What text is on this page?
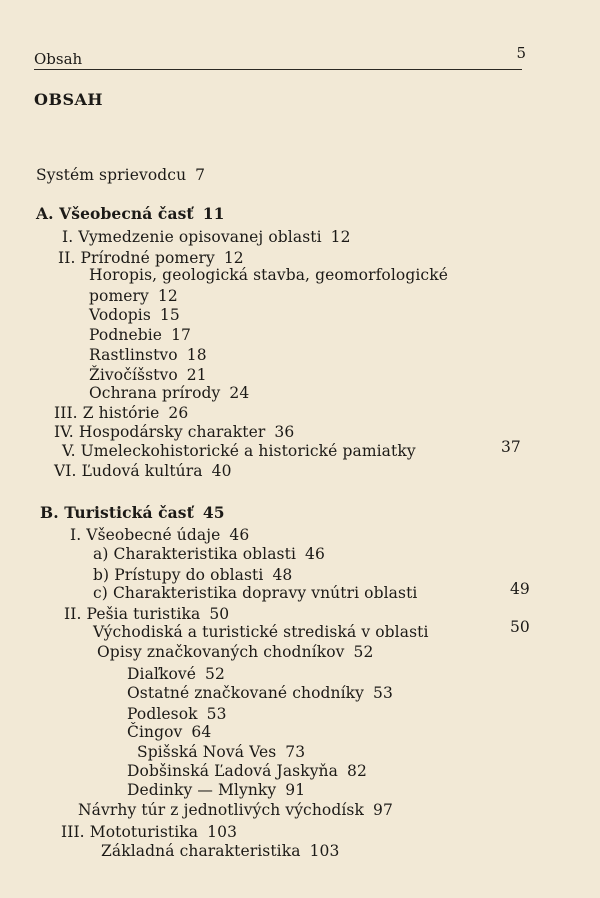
Obsah	5
OBSAH
Systém sprievodcu 7
A. Všeobecná časť 11
I. Vymedzenie opisovanej oblasti 12
II. Prírodné pomery 12
Horopis, geologická stavba, geomorfologické
pomery 12
Vodopis 15
Podnebie 17
Rastlinstvo 18
Živočíšstvo 21
Ochrana prírody 24
III. Z histórie 26
IV. Hospodársky charakter 36
V. Umeleckohistorické a historické pamiatky	37
VI. Ľudová kultúra 40
B. Turistická časť 45
I. Všeobecné údaje 46
a) Charakteristika oblasti 46
b) Prístupy do oblasti 48
c) Charakteristika dopravy vnútri oblasti	49
II. Pešia turistika 50
Východiská a turistické strediská v oblasti	50
Opisy značkovaných chodníkov 52
Diaľkové 52
Ostatné značkované chodníky 53
Podlesok 53
Čingov 64
Spišská Nová Ves 73
Dobšinská Ľadová Jaskyňa 82
Dedinky — Mlynky 91
Návrhy túr z jednotlivých východísk 97
III. Mototuristika 103
Základná charakteristika 103
